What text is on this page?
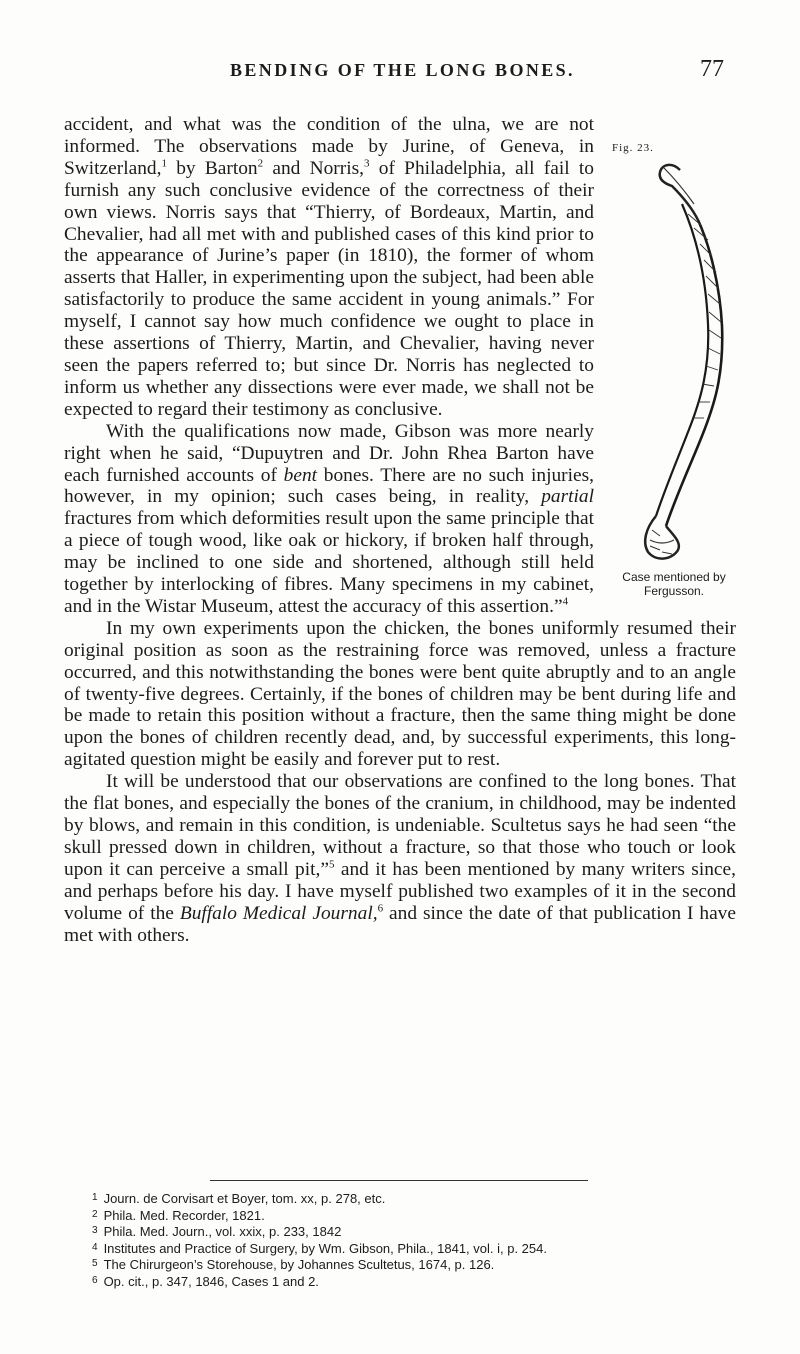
BENDING OF THE LONG BONES.	77
Fig. 23.
Case mentioned by
Fergusson.

accident, and what was the condition of the ulna, we are not informed. The observations made by Jurine, of Geneva, in Switzerland,$^1$ by Barton$^2$ and Norris,$^3$ of Philadelphia, all fail to furnish any such conclusive evidence of the correctness of their own views. Norris says that “Thierry, of Bordeaux, Martin, and Chevalier, had all met with and published cases of this kind prior to the appearance of Jurine’s paper (in 1810), the former of whom asserts that Haller, in experimenting upon the subject, had been able satisfactorily to produce the same accident in young animals.” For myself, I cannot say how much confidence we ought to place in these assertions of Thierry, Martin, and Chevalier, having never seen the papers referred to; but since Dr. Norris has neglected to inform us whether any dissections were ever made, we shall not be expected to regard their testimony as conclusive.

With the qualifications now made, Gibson was more nearly right when he said, “Dupuytren and Dr. John Rhea Barton have each furnished accounts of bent bones. There are no such injuries, however, in my opinion; such cases being, in reality, partial fractures from which deformities result upon the same principle that a piece of tough wood, like oak or hickory, if broken half through, may be inclined to one side and shortened, although still held together by interlocking of fibres. Many specimens in my cabinet, and in the Wistar Museum, attest the accuracy of this assertion.”$^4$

In my own experiments upon the chicken, the bones uniformly resumed their original position as soon as the restraining force was removed, unless a fracture occurred, and this notwithstanding the bones were bent quite abruptly and to an angle of twenty-five degrees. Certainly, if the bones of children may be bent during life and be made to retain this position without a fracture, then the same thing might be done upon the bones of children recently dead, and, by successful experiments, this long-agitated question might be easily and forever put to rest.

It will be understood that our observations are confined to the long bones. That the flat bones, and especially the bones of the cranium, in childhood, may be indented by blows, and remain in this condition, is undeniable. Scultetus says he had seen “the skull pressed down in children, without a fracture, so that those who touch or look upon it can perceive a small pit,”$^5$ and it has been mentioned by many writers since, and perhaps before his day. I have myself published two examples of it in the second volume of the Buffalo Medical Journal,$^6$ and since the date of that publication I have met with others.

$^1$ Journ. de Corvisart et Boyer, tom. xx, p. 278, etc.
$^2$ Phila. Med. Recorder, 1821.
$^3$ Phila. Med. Journ., vol. xxix, p. 233, 1842
$^4$ Institutes and Practice of Surgery, by Wm. Gibson, Phila., 1841, vol. i, p. 254.
$^5$ The Chirurgeon’s Storehouse, by Johannes Scultetus, 1674, p. 126.
$^6$ Op. cit., p. 347, 1846, Cases 1 and 2.
